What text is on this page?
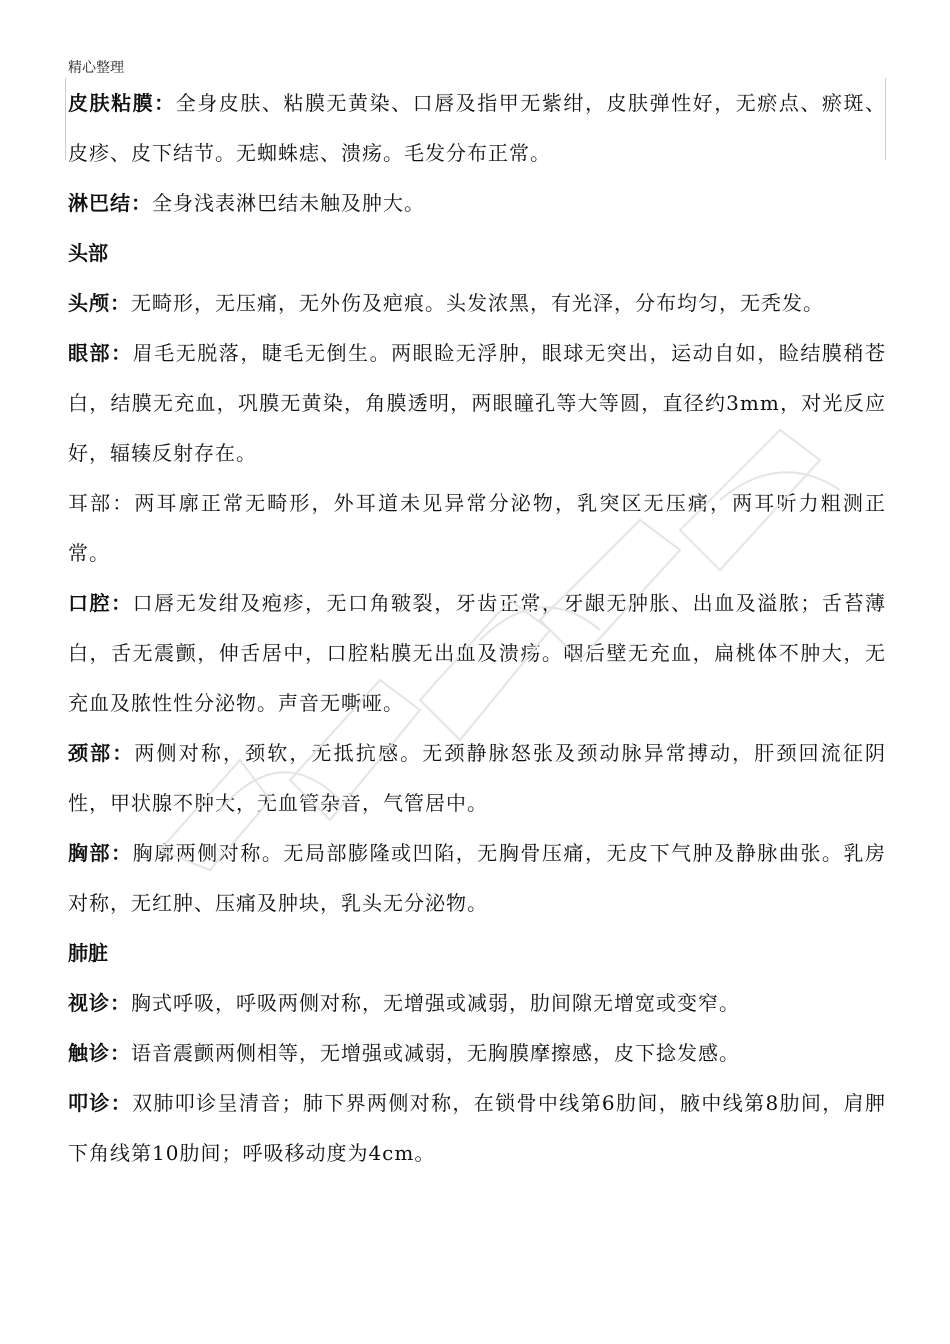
精心整理

皮肤粘膜：全身皮肤、粘膜无黄染、口唇及指甲无紫绀，皮肤弹性好，无瘀点、瘀斑、皮疹、皮下结节。无蜘蛛痣、溃疡。毛发分布正常。

淋巴结：全身浅表淋巴结未触及肿大。

头部

头颅：无畸形，无压痛，无外伤及疤痕。头发浓黑，有光泽，分布均匀，无秃发。

眼部：眉毛无脱落，睫毛无倒生。两眼睑无浮肿，眼球无突出，运动自如，睑结膜稍苍白，结膜无充血，巩膜无黄染，角膜透明，两眼瞳孔等大等圆，直径约3mm，对光反应好，辐辏反射存在。

耳部：两耳廓正常无畸形，外耳道未见异常分泌物，乳突区无压痛，两耳听力粗测正常。

口腔：口唇无发绀及疱疹，无口角皲裂，牙齿正常，牙龈无肿胀、出血及溢脓；舌苔薄白，舌无震颤，伸舌居中，口腔粘膜无出血及溃疡。咽后壁无充血，扁桃体不肿大，无充血及脓性性分泌物。声音无嘶哑。

颈部：两侧对称，颈软，无抵抗感。无颈静脉怒张及颈动脉异常搏动，肝颈回流征阴性，甲状腺不肿大，无血管杂音，气管居中。

胸部：胸廓两侧对称。无局部膨隆或凹陷，无胸骨压痛，无皮下气肿及静脉曲张。乳房对称，无红肿、压痛及肿块，乳头无分泌物。

肺脏

视诊：胸式呼吸，呼吸两侧对称，无增强或减弱，肋间隙无增宽或变窄。

触诊：语音震颤两侧相等，无增强或减弱，无胸膜摩擦感，皮下捻发感。

叩诊：双肺叩诊呈清音；肺下界两侧对称，在锁骨中线第6肋间，腋中线第8肋间，肩胛下角线第10肋间；呼吸移动度为4cm。
